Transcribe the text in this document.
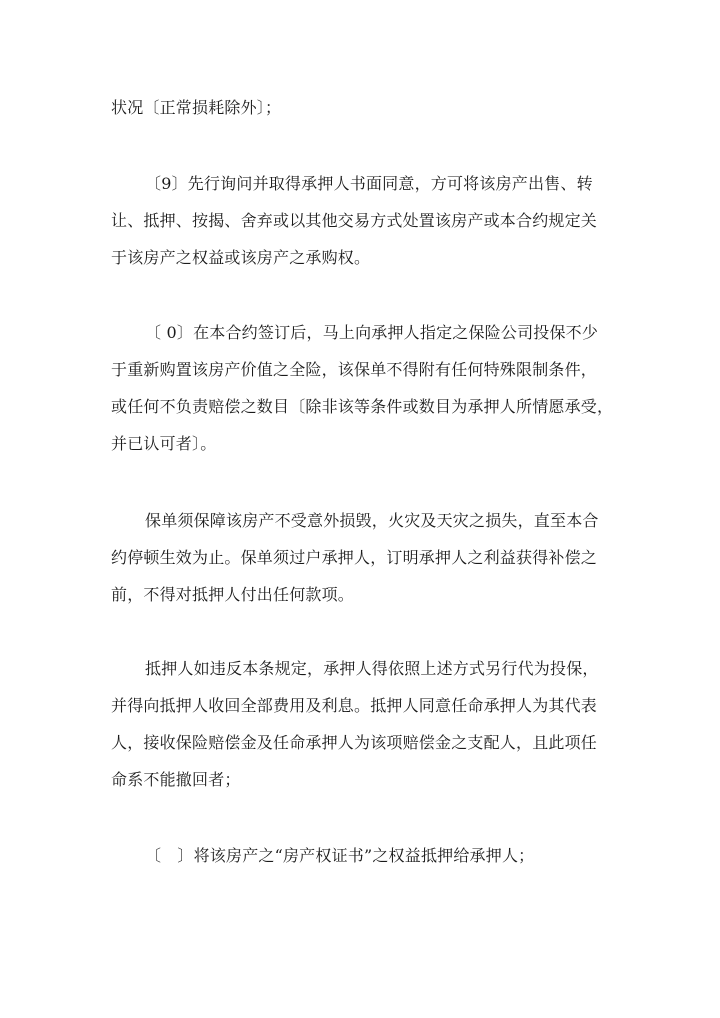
状况〔正常损耗除外〕；

〔9〕先行询问并取得承押人书面同意，方可将该房产出售、转

让、抵押、按揭、舍弃或以其他交易方式处置该房产或本合约规定关

于该房产之权益或该房产之承购权。

〔 0〕在本合约签订后，马上向承押人指定之保险公司投保不少

于重新购置该房产价值之全险，该保单不得附有任何特殊限制条件，

或任何不负责赔偿之数目〔除非该等条件或数目为承押人所情愿承受，

并已认可者〕。

保单须保障该房产不受意外损毁，火灾及天灾之损失，直至本合

约停顿生效为止。保单须过户承押人，订明承押人之利益获得补偿之

前，不得对抵押人付出任何款项。

抵押人如违反本条规定，承押人得依照上述方式另行代为投保，

并得向抵押人收回全部费用及利息。抵押人同意任命承押人为其代表

人，接收保险赔偿金及任命承押人为该项赔偿金之支配人，且此项任

命系不能撤回者；

〔　〕将该房产之“房产权证书”之权益抵押给承押人；
